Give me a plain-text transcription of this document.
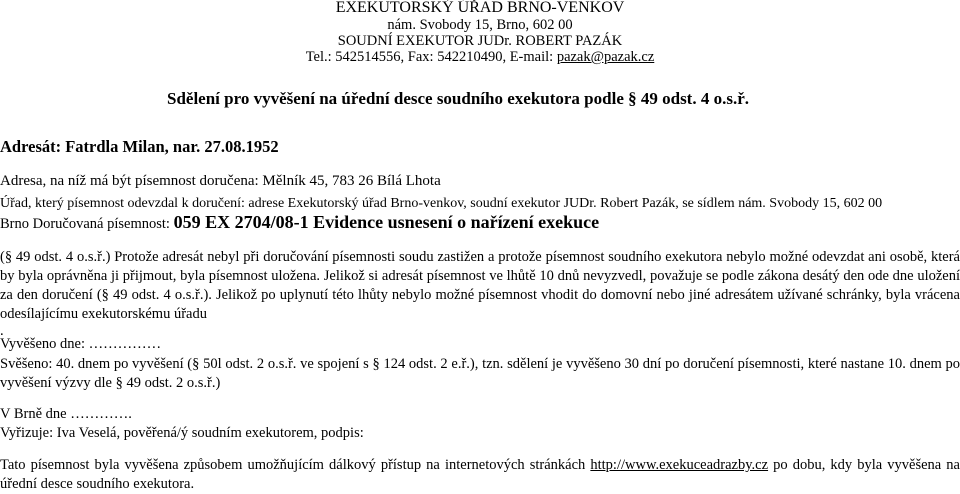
EXEKUTORSKÝ ÚŘAD BRNO-VENKOV
nám. Svobody 15, Brno, 602 00
SOUDNÍ EXEKUTOR JUDr. ROBERT PAZÁK
Tel.: 542514556, Fax: 542210490, E-mail: pazak@pazak.cz
Sdělení pro vyvěšení na úřední desce soudního exekutora podle § 49 odst. 4 o.s.ř.
Adresát: Fatrdla Milan, nar. 27.08.1952
Adresa, na níž má být písemnost doručena: Mělník 45, 783 26 Bílá Lhota
Úřad, který písemnost odevzdal k doručení: adrese Exekutorský úřad Brno-venkov, soudní exekutor JUDr. Robert Pazák, se sídlem nám. Svobody 15, 602 00
Brno Doručovaná písemnost: 059 EX 2704/08-1 Evidence usnesení o nařízení exekuce
(§ 49 odst. 4 o.s.ř.) Protože adresát nebyl při doručování písemnosti soudu zastižen a protože písemnost soudního exekutora nebylo možné odevzdat ani osobě, která by byla oprávněna ji přijmout, byla písemnost uložena. Jelikož si adresát písemnost ve lhůtě 10 dnů nevyzvedl, považuje se podle zákona desátý den ode dne uložení za den doručení (§ 49 odst. 4 o.s.ř.). Jelikož po uplynutí této lhůty nebylo možné písemnost vhodit do domovní nebo jiné adresátem užívané schránky, byla vrácena odesílajícímu exekutorskému úřadu
.
Vyvěšeno dne: ……………
Svěšeno: 40. dnem po vyvěšení (§ 50l odst. 2 o.s.ř. ve spojení s § 124 odst. 2 e.ř.), tzn. sdělení je vyvěšeno 30 dní po doručení písemnosti, které nastane 10. dnem po vyvěšení výzvy dle § 49 odst. 2 o.s.ř.)
V Brně dne ………….
Vyřizuje: Iva Veselá, pověřená/ý soudním exekutorem, podpis:
Tato písemnost byla vyvěšena způsobem umožňujícím dálkový přístup na internetových stránkách http://www.exekuceadrazby.cz po dobu, kdy byla vyvěšena na úřední desce soudního exekutora.
